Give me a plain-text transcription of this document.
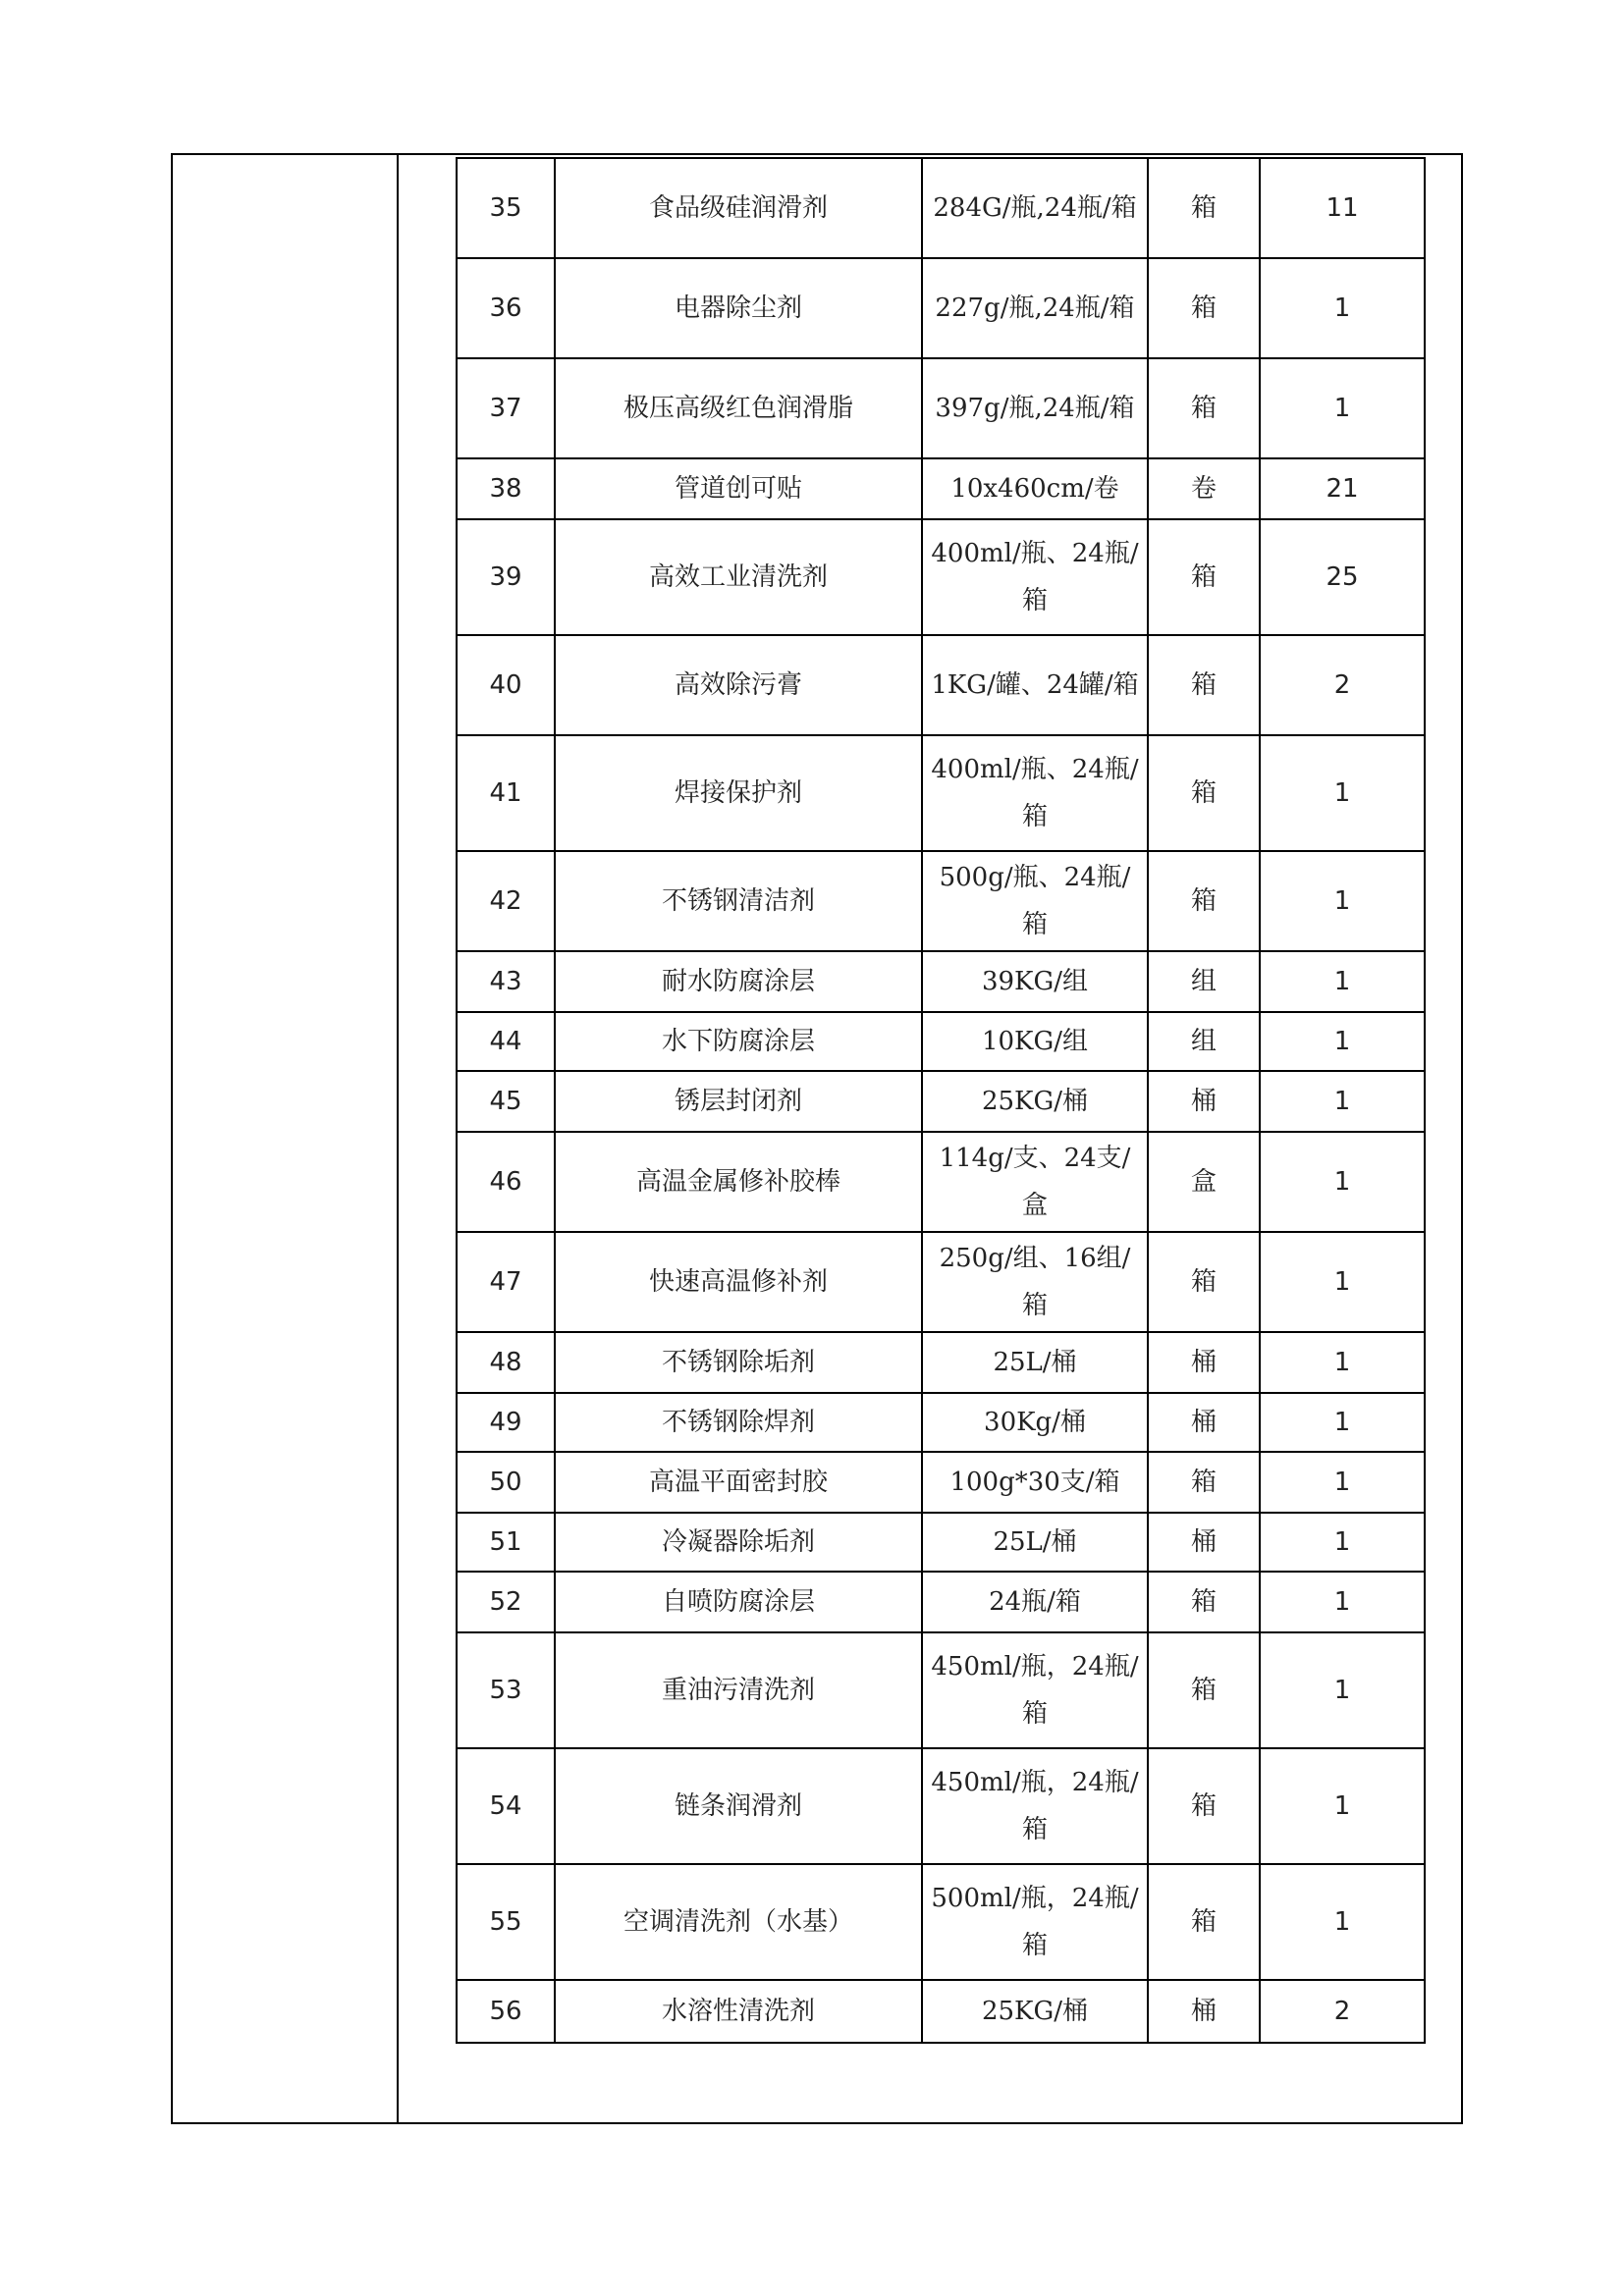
35	食品级硅润滑剂	284G/瓶,24瓶/箱	箱	11
36	电器除尘剂	227g/瓶,24瓶/箱	箱	1
37	极压高级红色润滑脂	397g/瓶,24瓶/箱	箱	1
38	管道创可贴	10x460cm/卷	卷	21
39	高效工业清洗剂	400ml/瓶、24瓶/箱	箱	25
40	高效除污膏	1KG/罐、24罐/箱	箱	2
41	焊接保护剂	400ml/瓶、24瓶/箱	箱	1
42	不锈钢清洁剂	500g/瓶、24瓶/箱	箱	1
43	耐水防腐涂层	39KG/组	组	1
44	水下防腐涂层	10KG/组	组	1
45	锈层封闭剂	25KG/桶	桶	1
46	高温金属修补胶棒	114g/支、24支/盒	盒	1
47	快速高温修补剂	250g/组、16组/箱	箱	1
48	不锈钢除垢剂	25L/桶	桶	1
49	不锈钢除焊剂	30Kg/桶	桶	1
50	高温平面密封胶	100g*30支/箱	箱	1
51	冷凝器除垢剂	25L/桶	桶	1
52	自喷防腐涂层	24瓶/箱	箱	1
53	重油污清洗剂	450ml/瓶，24瓶/箱	箱	1
54	链条润滑剂	450ml/瓶，24瓶/箱	箱	1
55	空调清洗剂（水基）	500ml/瓶，24瓶/箱	箱	1
56	水溶性清洗剂	25KG/桶	桶	2
